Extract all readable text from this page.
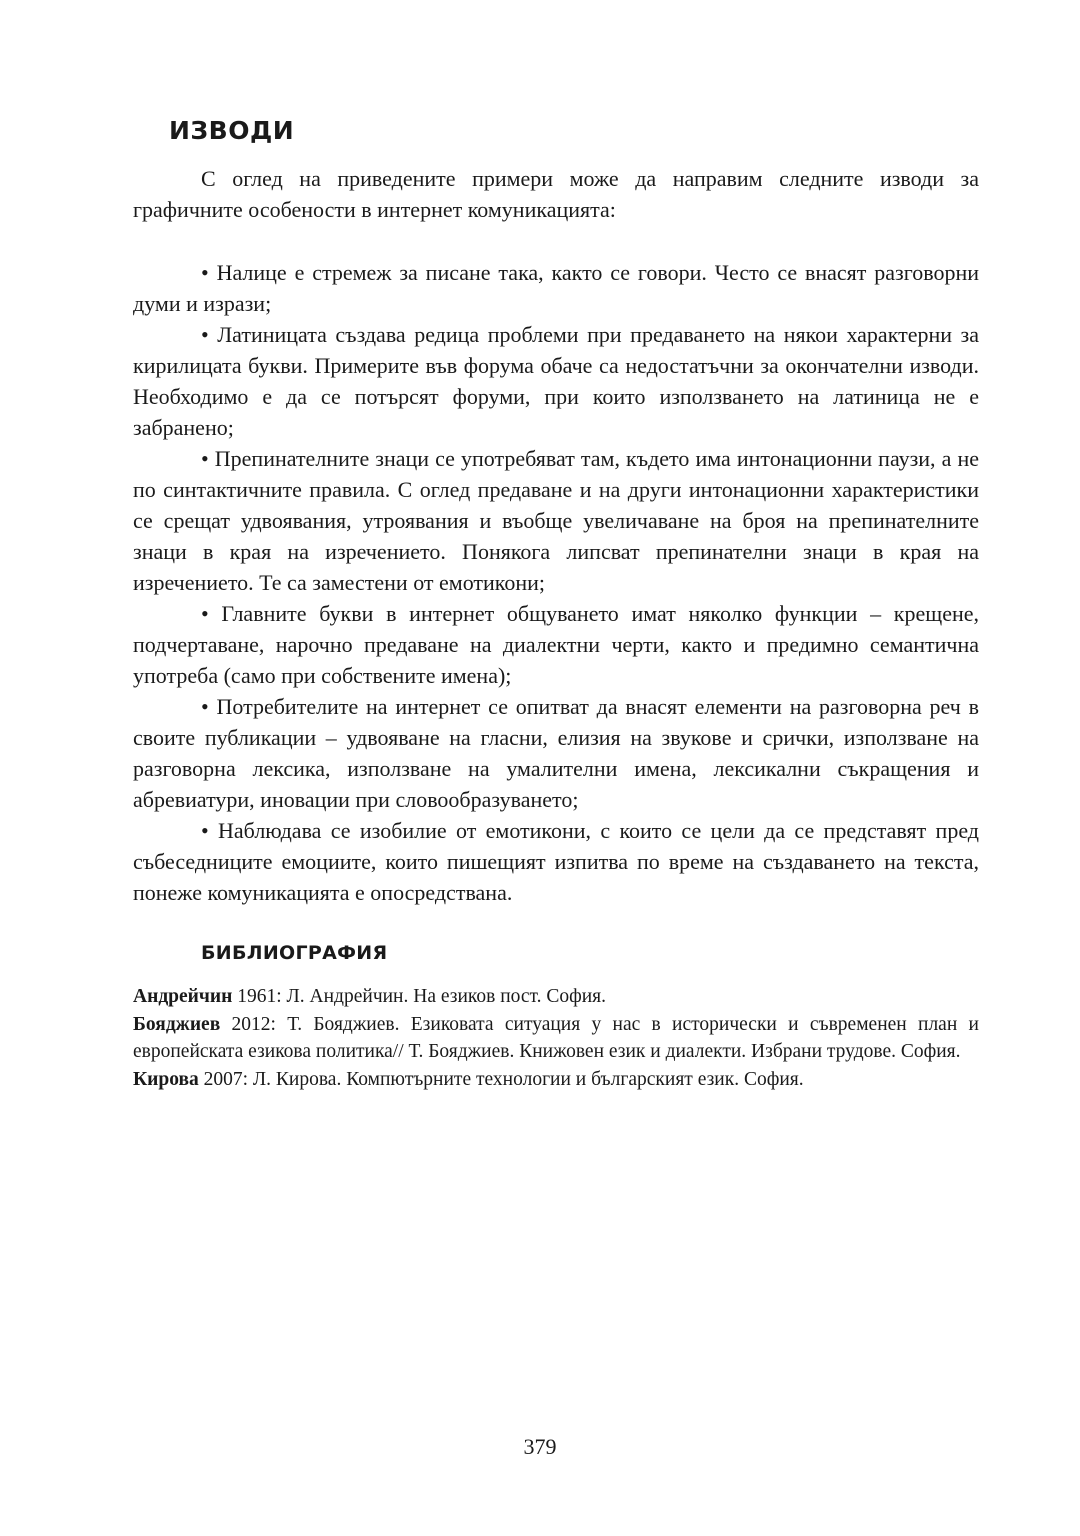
ИЗВОДИ

С оглед на приведените примери може да направим следните изводи за графичните особености в интернет комуникацията:

• Налице е стремеж за писане така, както се говори. Често се внасят разговорни думи и изрази;

• Латиницата създава редица проблеми при предаването на някои характерни за кирилицата букви. Примерите във форума обаче са недостатъчни за окончателни изводи. Необходимо е да се потърсят форуми, при които използването на латиница не е забранено;

• Препинателните знаци се употребяват там, където има интонационни паузи, а не по синтактичните правила. С оглед предаване и на други интонационни характеристики се срещат удвоявания, утроявания и въобще увеличаване на броя на препинателните знаци в края на изречението. Понякога липсват препинателни знаци в края на изречението. Те са заместени от емотикони;

• Главните букви в интернет общуването имат няколко функции – крещене, подчертаване, нарочно предаване на диалектни черти, както и предимно семантична употреба (само при собствените имена);

• Потребителите на интернет се опитват да внасят елементи на разговорна реч в своите публикации – удвояване на гласни, елизия на звукове и срички, използване на разговорна лексика, използване на умалителни имена, лексикални съкращения и абревиатури, иновации при словообразуването;

• Наблюдава се изобилие от емотикони, с които се цели да се представят пред събеседниците емоциите, които пишещият изпитва по време на създаването на текста, понеже комуникацията е опосредствана.

БИБЛИОГРАФИЯ

Андрейчин 1961: Л. Андрейчин. На езиков пост. София.

Бояджиев 2012: Т. Бояджиев. Езиковата ситуация у нас в исторически и съвременен план и европейската езикова политика// Т. Бояджиев. Книжовен език и диалекти. Избрани трудове. София.

Кирова 2007: Л. Кирова. Компютърните технологии и българският език. София.

379
